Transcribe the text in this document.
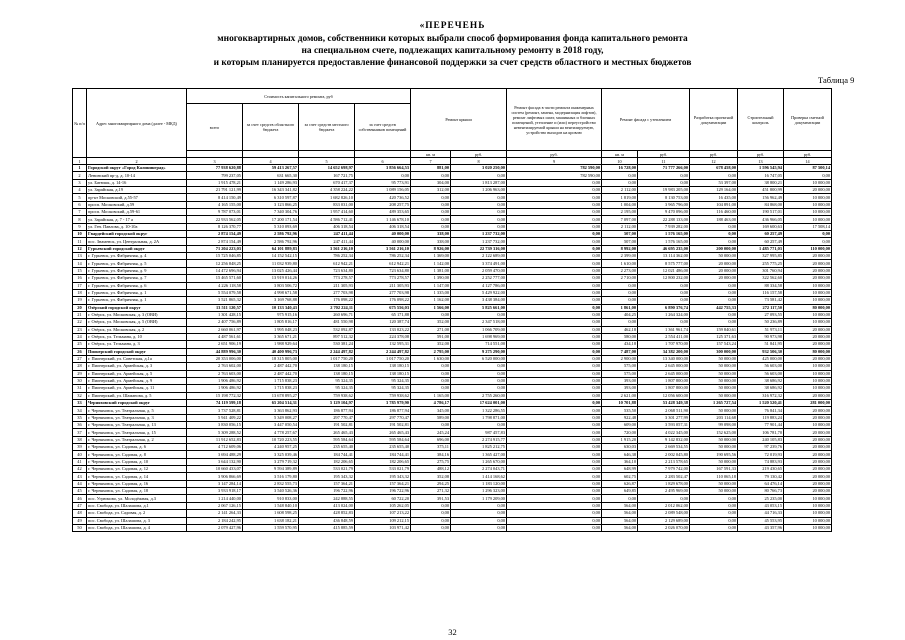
«ПЕРЕЧЕНЬ
многоквартирных домов, собственники которых выбрали способ формирования фонда капитального ремонта
на специальном счете, подлежащих капитальному ремонту в 2018 году,
и которым планируется предоставление финансовой поддержки за счет средств областного и местных бюджетов
Таблица 9
№ п/п	Адрес многоквартирного дома (далее - МКД)	Стоимость капитального ремонта, руб				Ремонт крыши		Ремонт фасада в части ремонта инженерных систем (ремонт, замена, модернизация лифтов), ремонт лифтовых шахт, машинных и блочных помещений, утепление и (или) переустройство невентилируемой крыши на вентилируемую, устройство выходов на кровлю	Ремонт фасада с утеплением		Разработка проектной документации	Строительный контроль	Проверка сметной документации
		всего	за счет средств областного бюджета	за счет средств местного бюджета	за счет средств собственников помещений								
						кв. м	руб.	руб.	кв. м	руб.	руб.	руб.	руб.
1	2	3	4	5	6	7	8	9	10	11	12	13	14
1	Городской округ «Город Калининград»	77 938 620,88	59 413 267,57	14 652 698,97	3 856 664,53	881,00	3 020 250,00	782 590,00	16 728,00	71 777 266,00	678 458,00	1 596 545,94	87 500,14
2	Ленинский пр-д, д. 10-14	799 237,05	631 665,30	167 721,75	0,00	0,00	0,00	782 590,00	0,00	0,00	0,00	16 747,05	0,00
3	ул. Батюшк, д. 14-16	1 915 478,21	1 149 286,93	670 417,37	95 773,91	304,00	1 813 287,00	0,00	0,00	0,00	53 397,00	38 800,21	10 000,00
4	ул. Зарайская, д.19	21 791 121,99	16 343 341,82	4 358 224,22	1 089 156,05	312,00	1 206 963,00	0,00	2 112,00	19 983 205,00	129 164,00	451 800,99	20 000,00
5	пр-кт Московский, д.55-57	8 414 150,49	6 310 597,87	1 682 826,10	420 736,52	0,00	0,00	0,00	1 819,00	8 130 753,00	16 435,00	156 962,49	10 000,00
6	просп. Московский, д.59	4 165 155,00	3 123 866,25	833 031,00	208 257,75	0,00	0,00	0,00	1 004,00	3 965 796,00	104 891,00	84 868,00	10 000,00
7	просп. Московский, д.59-61	9 787 073,01	7 340 304,76	1 957 414,60	489 353,65	0,00	0,00	0,00	2 195,00	9 470 096,00	116 460,00	190 517,01	10 000,00
8	ул. Зарайская, д. 7 - 17 а	22 933 562,05	17 200 171,54	4 586 712,41	1 146 678,10	0,00	0,00	0,00	7 097,00	22 288 133,00	188 463,00	436 966,05	10 000,00
9	ул. Ген. Павлова, д. 10-10а	8 126 370,77	5 310 093,69	406 318,54	406 318,54	0,00	0,00	0,00	2 112,00	7 939 282,00	0,00	169 600,63	17 508,14
10	Гвардейский городской округ	2 874 154,49	2 586 792,96	247 411,44	40 000,00	338,00	1 237 732,00	0,00	507,00	1 576 165,00	0,00	60 257,49	0,00
11	пос. Знаменск, ул. Центральная, д. 2А	2 874 154,49	2 586 792,96	247 411,44	40 000,00	338,00	1 237 732,00	0,00	507,00	1 576 165,00	0,00	60 257,49	0,00
12	Гурьевский городской округ	71 204 223,03	64 101 889,83	3 561 216,10	3 561 216,10	8 926,00	22 739 316,00	0,00	8 992,00	46 695 235,00	200 000,00	1 485 771,03	110 000,00
13	г. Гурьевск, ул. Фабричная, д. 4	15 725 046,85	14 152 542,15	786 252,34	786 252,34	1 369,00	2 122 689,00	0,00	2 399,00	13 114 362,00	50 000,00	327 995,85	20 000,00
14	г. Гурьевск, ул. Фабричная, д. 5	12 256 848,25	11 032 939,80	612 942,21	612 942,21	1 142,00	3 374 491,00	0,00	1 610,00	8 575 777,00	20 000,00	255 775,25	20 000,00
15	г. Гурьевск, ул. Фабричная, д. 9	14 472 696,94	13 025 426,44	723 634,80	723 634,80	1 381,00	2 059 470,00	0,00	2 273,00	12 021 486,00	20 000,00	301 760,94	20 000,00
16	г. Гурьевск, ул. Фабричная, д. 7	15 465 571,60	13 919 014,26	773 278,57	773 278,57	1 390,00	2 252 777,00	0,00	2 710,00	12 800 232,00	20 000,00	322 562,60	20 000,00
17	г. Гурьевск, ул. Фабричная, д. 6	4 226 118,58	3 803 506,72	211 305,93	211 305,93	1 147,00	4 127 786,00	0,00	0,00	0,00	0,00	88 334,58	10 000,00
18	г. Гурьевск, ул. Фабричная, д. 1	5 554 079,58	4 998 671,58	277 703,98	277 703,98	1 335,00	5 429 922,00	0,00	0,00	0,00	0,00	116 157,58	10 000,00
19	г. Гурьевск, ул. Фабричная, д. 1	3 521 865,32	3 169 768,88	176 098,22	176 098,22	1 162,00	3 438 384,00	0,00	0,00	0,00	0,00	73 581,42	10 000,00
20	Озёрский городской округ	13 511 120,57	10 133 340,43	2 702 224,11	675 556,03	1 566,00	5 825 661,00	0,00	1 861,00	6 890 376,74	442 755,33	272 117,50	80 000,00
21	г. Озёрск, ул. Московская, д. 3 (ОВИ)	1 301 428,15	975 915,16	260 696,71	65 171,88	0,00	0,00	0,00	404,25	1 264 324,00	0,00	27 093,55	10 000,00
22	г. Озёрск, ул. Московская, д. 5 (ОВИ)	2 407 756,89	1 805 816,17	481 550,98	120 387,74	352,00	2 347 518,00	0,00	0,00	0,00	0,00	50 236,89	10 000,00
23	г. Озёрск, ул. Московская, д. 2	2 660 061,97	1 995 048,23	532 092,87	133 023,22	271,00	1 066 709,00	0,00	462,18	1 361 961,74	159 840,61	51 973,11	20 000,00
24	г. Озёрск, ул. Тельмана, д. 10	4 487 561,61	3 365 671,21	897 512,32	224 378,08	591,00	1 698 969,00	0,00	580,00	2 554 411,00	125 371,63	90 973,98	20 000,00
25	г. Озёрск, ул. Тельмана, д. 3	2 651 906,19	1 988 929,64	530 381,24	132 595,31	352,00	714 551,00	0,00	434,18	1 707 970,00	157 543,24	51 841,95	20 000,00
26	Пионерский городской округ	44 889 996,30	40 400 996,73	2 244 497,82	2 244 497,82	2 795,00	9 275 290,00	0,00	7 487,00	34 382 200,00	300 000,00	932 506,30	80 000,00
27	г. Пионерский, ул. Советская, д.1а	20 353 006,00	18 315 805,00	1 017 750,20	1 017 750,20	1 630,00	6 520 000,00	0,00	2 900,00	13 340 000,00	50 000,00	425 000,00	20 000,00
28	г. Пионерский, ул. Армейская, д. 3	2 763 602,00	2 487 442,70	138 180,15	138 180,15	0,00	0,00	0,00	575,00	2 645 000,00	50 000,00	56 603,00	10 000,00
29	г. Пионерский, ул. Армейская, д. 5	2 763 603,00	2 487 442,70	138 180,15	138 180,15	0,00	0,00	0,00	575,00	2 645 000,00	50 000,00	56 603,00	10 000,00
30	г. Пионерский, ул. Армейская, д. 9	1 906 486,92	1 715 838,23	95 324,35	95 324,35	0,00	0,00	0,00	393,00	1 807 800,00	50 000,00	38 686,92	10 000,00
31	г. Пионерский, ул. Армейская, д. 11	1 906 486,92	1 715 838,23	95 324,35	95 324,35	0,00	0,00	0,00	393,00	1 807 800,00	50 000,00	38 686,92	10 000,00
32	г. Пионерский, ул. Шаманова, д. 5	15 198 772,32	13 678 895,27	759 938,62	759 938,62	1 165,00	2 755 260,00	0,00	2 621,00	12 056 600,00	50 000,00	316 972,32	20 000,00
33	Черняховский городской округ	74 119 599,18	65 204 514,31	5 129 104,97	3 785 979,90	4 786,17	17 624 001,00	0,00	10 701,88	53 428 349,38	1 265 727,54	1 520 520,41	281 000,00
34	г. Черняховск, ул. Театральная, д. 5	3 737 528,81	3 363 862,93	186 877,94	186 877,94	345,00	1 322 286,55	0,00	535,50	2 068 511,90	50 000,00	76 841,34	20 000,00
35	г. Черняховск, ул. Театральная, д. 3	5 941 409,22	5 349 008,27	297 770,47	297 770,47	589,00	1 798 871,00	0,00	922,48	3 301 277,99	203 114,68	119 883,24	20 000,00
36	г. Черняховск, ул. Театральная, д. 13	3 830 056,15	3 447 050,54	191 502,81	191 502,81	0,00	0,00	0,00	609,00	3 593 057,31	99 098,00	77 901,44	10 000,00
37	г. Черняховск, ул. Театральная, д. 15	5 309 288,52	4 778 257,67	265 465,43	265 465,43	245,24	987 457,83	0,00	720,00	4 022 345,00	152 625,00	106 781,70	20 000,00
38	г. Черняховск, ул. Театральная, д. 2	11 912 652,83	10 720 223,55	595 584,64	595 584,64	696,00	2 274 915,77	0,00	1 915,20	9 142 832,00	50 000,00	240 105,83	20 000,00
39	г. Черняховск, ул. Садовая, д. 6	4 712 609,06	4 240 957,25	235 655,40	235 655,40	375,11	1 825 212,75	0,00	630,03	2 669 534,55	50 000,00	97 239,76	20 000,00
40	г. Черняховск, ул. Садовая, д. 8	3 694 488,29	3 325 039,46	184 744,41	184 744,41	384,16	1 365 427,00	0,00	646,38	2 002 045,80	190 695,56	72 019,93	20 000,00
41	г. Черняховск, ул. Садовая, д. 10	3 644 132,90	3 279 719,32	182 206,65	182 206,65	275,75	1 265 670,00	0,00	364,10	2 213 578,65	50 000,00	74 883,93	20 000,00
42	г. Черняховск, ул. Садовая, д. 12	10 660 433,07	9 594 389,89	533 021,79	533 021,79	488,12	2 274 043,71	0,00	648,99	7 979 742,00	167 591,33	219 430,65	20 000,00
43	г. Черняховск, ул. Садовая, д. 14	3 906 866,69	3 516 179,80	195 343,32	195 343,32	352,08	1 414 168,62	0,00	602,75	2 283 502,47	110 065,18	79 130,42	20 000,00
44	г. Черняховск, ул. Садовая, д. 16	3 147 284,14	2 832 555,73	157 364,21	157 364,21	294,25	1 183 120,00	0,00	626,87	1 829 678,00	50 000,00	64 476,14	20 000,00
45	г. Черняховск, ул. Садовая, д. 18	3 933 918,17	3 540 526,36	196 722,96	196 722,96	271,32	1 296 323,00	0,00	649,85	2 495 969,00	50 000,00	80 766,73	20 000,00
46	пос. Угрюмово, ул. Молодёжная, д.3	1 214 440,00	910 833,00	242 888,55	60 722,20	391,53	1 179 209,00	0,00	0,00	0,00	0,00	25 235,00	10 000,00
47	пос. Свобода, ул. Шалашова, д.1	2 067 126,15	1 548 840,10	413 024,00	105 262,05	0,00	0,00	0,00	564,00	2 012 062,00	0,00	43 053,15	10 000,00
48	пос. Свобода, ул. Садовая, д. 2	2 141 264,33	1 608 598,25	428 852,83	107 213,22	0,00	0,00	0,00	564,00	2 089 548,00	0,00	44 716,33	10 000,00
49	пос. Свобода, ул. Шалашова, д. 3	2 184 242,95	1 638 182,21	436 848,59	109 212,15	0,00	0,00	0,00	564,00	2 129 689,00	0,00	45 553,95	10 000,00
50	пос. Свобода, ул. Шалашова, д. 4	2 079 427,96	1 559 570,95	415 885,59	103 971,42	0,00	0,00	0,00	564,00	2 026 070,00	0,00	43 357,96	10 000,00
32
